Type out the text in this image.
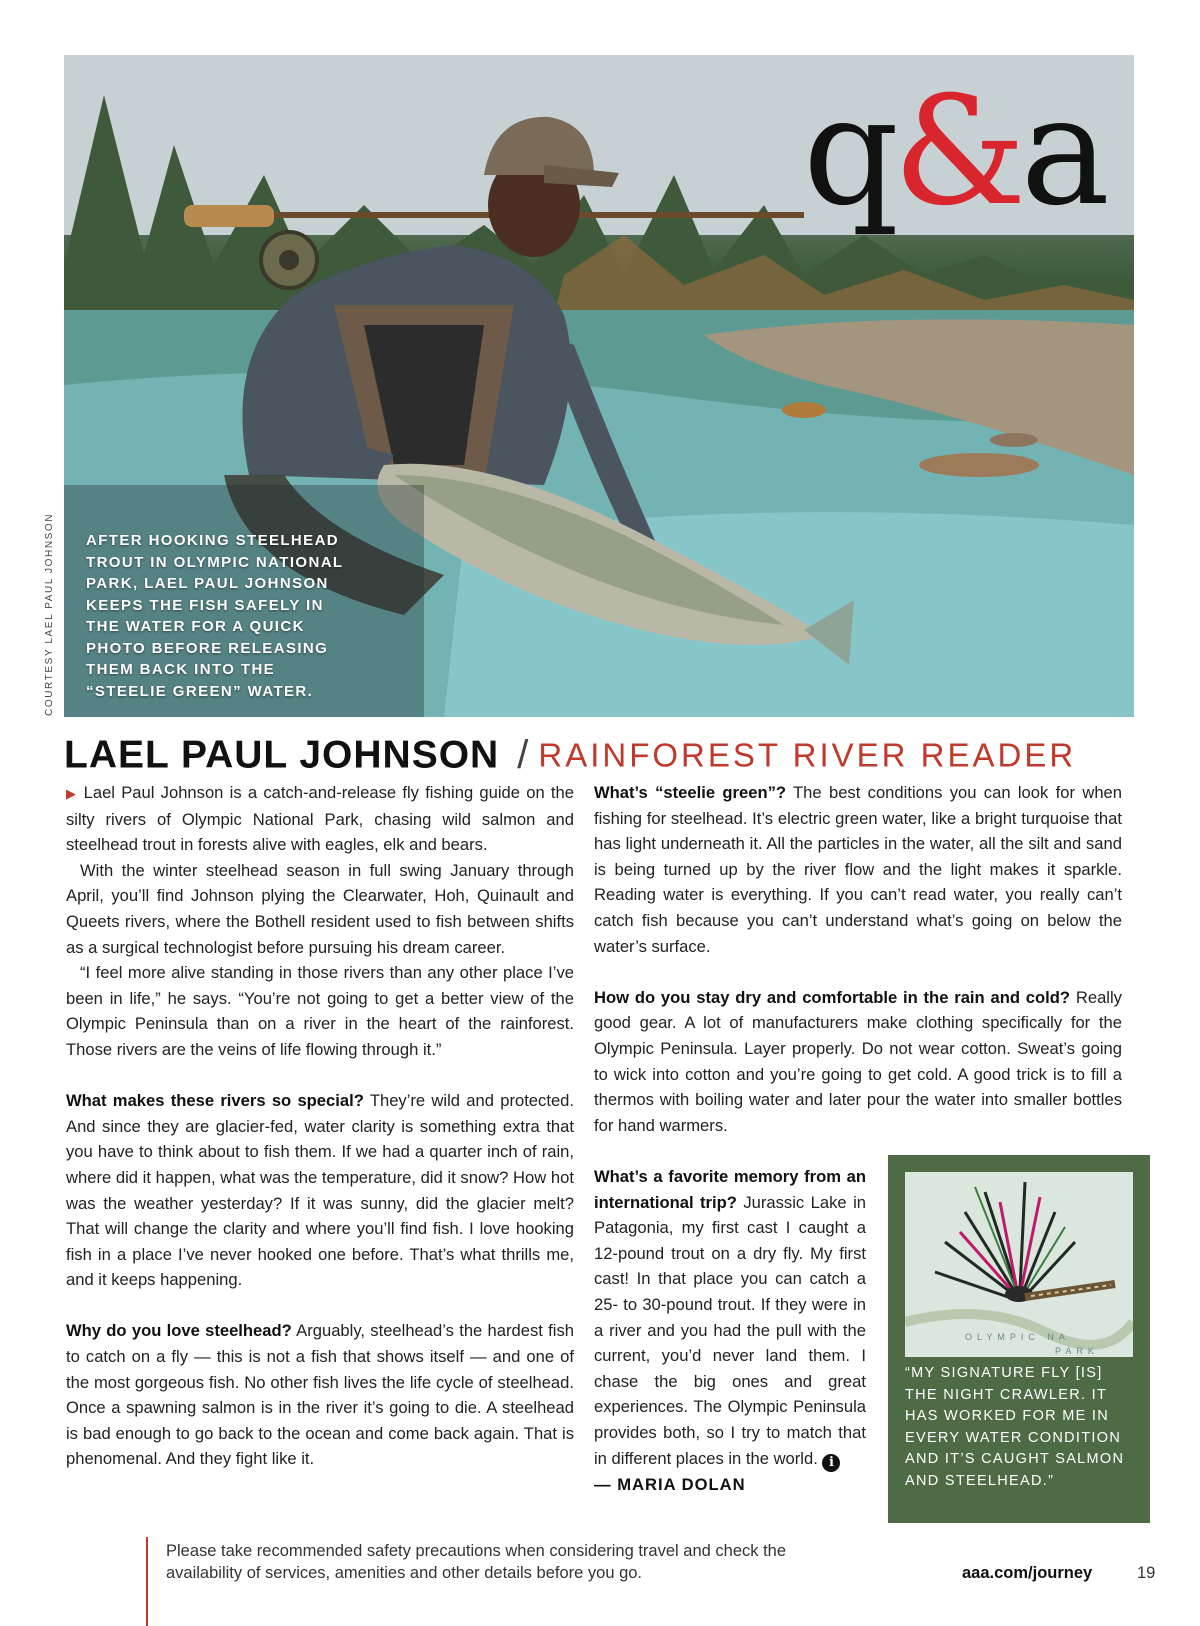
q&a
AFTER HOOKING STEELHEAD TROUT IN OLYMPIC NATIONAL PARK, LAEL PAUL JOHNSON KEEPS THE FISH SAFELY IN THE WATER FOR A QUICK PHOTO BEFORE RELEASING THEM BACK INTO THE “STEELIE GREEN” WATER.
COURTESY LAEL PAUL JOHNSON
LAEL PAUL JOHNSON / RAINFOREST RIVER READER

▶ Lael Paul Johnson is a catch-and-release fly fishing guide on the silty rivers of Olympic National Park, chasing wild salmon and steelhead trout in forests alive with eagles, elk and bears.

With the winter steelhead season in full swing January through April, you’ll find Johnson plying the Clearwater, Hoh, Quinault and Queets rivers, where the Bothell resident used to fish between shifts as a surgical technologist before pursuing his dream career.

“I feel more alive standing in those rivers than any other place I’ve been in life,” he says. “You’re not going to get a better view of the Olympic Peninsula than on a river in the heart of the rainforest. Those rivers are the veins of life flowing through it.”

What makes these rivers so special? They’re wild and protected. And since they are glacier-fed, water clarity is something extra that you have to think about to fish them. If we had a quarter inch of rain, where did it happen, what was the temperature, did it snow? How hot was the weather yesterday? If it was sunny, did the glacier melt? That will change the clarity and where you’ll find fish. I love hooking fish in a place I’ve never hooked one before. That’s what thrills me, and it keeps happening.

Why do you love steelhead? Arguably, steelhead’s the hardest fish to catch on a fly — this is not a fish that shows itself — and one of the most gorgeous fish. No other fish lives the life cycle of steelhead. Once a spawning salmon is in the river it’s going to die. A steelhead is bad enough to go back to the ocean and come back again. That is phenomenal. And they fight like it.

What’s “steelie green”? The best conditions you can look for when fishing for steelhead. It’s electric green water, like a bright turquoise that has light underneath it. All the particles in the water, all the silt and sand is being turned up by the river flow and the light makes it sparkle. Reading water is everything. If you can’t read water, you really can’t catch fish because you can’t understand what’s going on below the water’s surface.

How do you stay dry and comfortable in the rain and cold? Really good gear. A lot of manufacturers make clothing specifically for the Olympic Peninsula. Layer properly. Do not wear cotton. Sweat’s going to wick into cotton and you’re going to get cold. A good trick is to fill a thermos with boiling water and later pour the water into smaller bottles for hand warmers.

What’s a favorite memory from an international trip? Jurassic Lake in Patagonia, my first cast I caught a 12-pound trout on a dry fly. My first cast! In that place you can catch a 25- to 30-pound trout. If they were in a river and you had the pull with the current, you’d never land them. I chase the big ones and great experiences. The Olympic Peninsula provides both, so I try to match that in different places in the world. i

— MARIA DOLAN

OLYMPIC NA
PARK
“MY SIGNATURE FLY [IS] THE NIGHT CRAWLER. IT HAS WORKED FOR ME IN EVERY WATER CONDITION AND IT’S CAUGHT SALMON AND STEELHEAD.”
Please take recommended safety precautions when considering travel and check the availability of services, amenities and other details before you go.	aaa.com/journey	19
